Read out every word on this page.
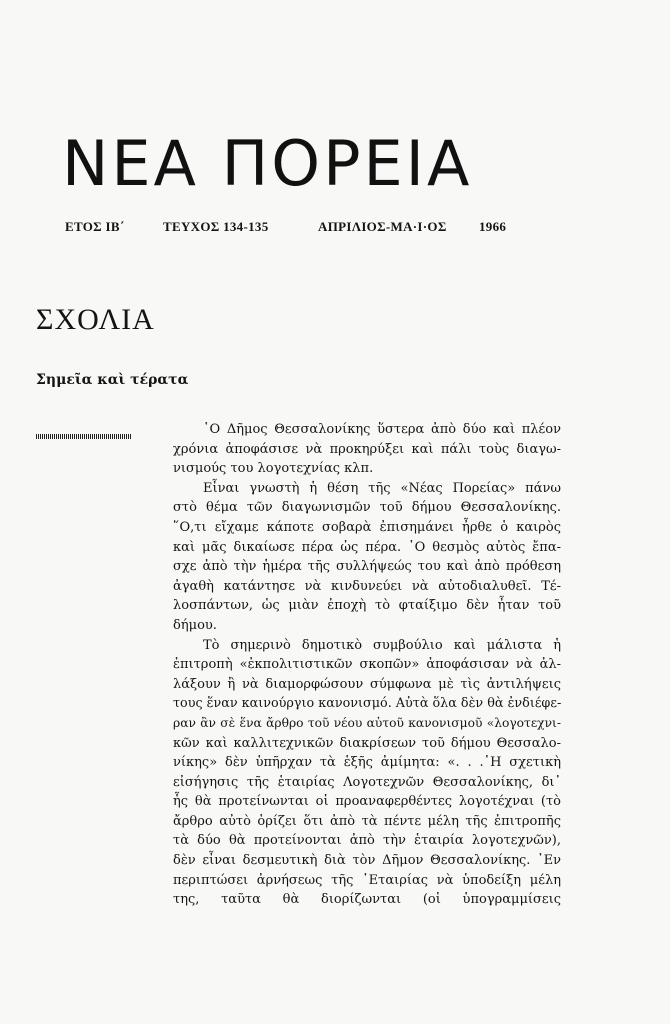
ΝΕΑ ΠΟΡΕΙΑ
ΕΤΟΣ ΙΒ΄	ΤΕΥΧΟΣ 134-135	ΑΠΡΙΛΙΟΣ-ΜΑ·Ι·ΟΣ 1966
ΣΧΟΛΙΑ
Σημεῖα καὶ τέρατα
῾Ο Δῆμος Θεσσαλονίκης ὕστερα ἀπὸ δύο καὶ πλέον
χρόνια ἀποφάσισε νὰ προκηρύξει καὶ πάλι τοὺς διαγω-
νισμούς του λογοτεχνίας κλπ.
Εἶναι γνωστὴ ἡ θέση τῆς «Νέας Πορείας» πάνω
στὸ θέμα τῶν διαγωνισμῶν τοῦ δήμου Θεσσαλονίκης.
῞Ο,τι εἴχαμε κάποτε σοβαρὰ ἐπισημάνει ἦρθε ὁ καιρὸς
καὶ μᾶς δικαίωσε πέρα ὡς πέρα. ῾Ο θεσμὸς αὐτὸς ἔπα-
σχε ἀπὸ τὴν ἡμέρα τῆς συλλήψεώς του καὶ ἀπὸ πρόθεση
ἀγαθὴ κατάντησε νὰ κινδυνεύει νὰ αὐτοδιαλυθεῖ. Τέ-
λοσπάντων, ὡς μιὰν ἐποχὴ τὸ φταίξιμο δὲν ἦταν τοῦ
δήμου.
Τὸ σημερινὸ δημοτικὸ συμβούλιο καὶ μάλιστα ἡ
ἐπιτροπὴ «ἐκπολιτιστικῶν σκοπῶν» ἀποφάσισαν νὰ ἀλ-
λάξουν ἢ νὰ διαμορφώσουν σύμφωνα μὲ τὶς ἀντιλήψεις
τους ἕναν καινούργιο κανονισμό. Αὐτὰ ὅλα δὲν θὰ ἐνδιέφε-
ραν ἂν σὲ ἕνα ἄρθρο τοῦ νέου αὐτοῦ κανονισμοῦ «λογοτεχνι-
κῶν καὶ καλλιτεχνικῶν διακρίσεων τοῦ δήμου Θεσσαλο-
νίκης» δὲν ὑπῆρχαν τὰ ἑξῆς ἀμίμητα: «. . .῾Η σχετικὴ
εἰσήγησις τῆς ἑταιρίας Λογοτεχνῶν Θεσσαλονίκης, δι᾿
ἧς θὰ προτείνωνται οἱ προαναφερθέντες λογοτέχναι (τὸ
ἄρθρο αὐτὸ ὁρίζει ὅτι ἀπὸ τὰ πέντε μέλη τῆς ἐπιτροπῆς
τὰ δύο θὰ προτείνονται ἀπὸ τὴν ἑταιρία λογοτεχνῶν),
δὲν εἶναι δεσμευτικὴ διὰ τὸν Δῆμον Θεσσαλονίκης. ᾿Εν
περιπτώσει ἀρνήσεως τῆς ῾Εταιρίας νὰ ὑποδείξη μέλη
της, ταῦτα θὰ διορίζωνται (οἱ ὑπογραμμίσεις
